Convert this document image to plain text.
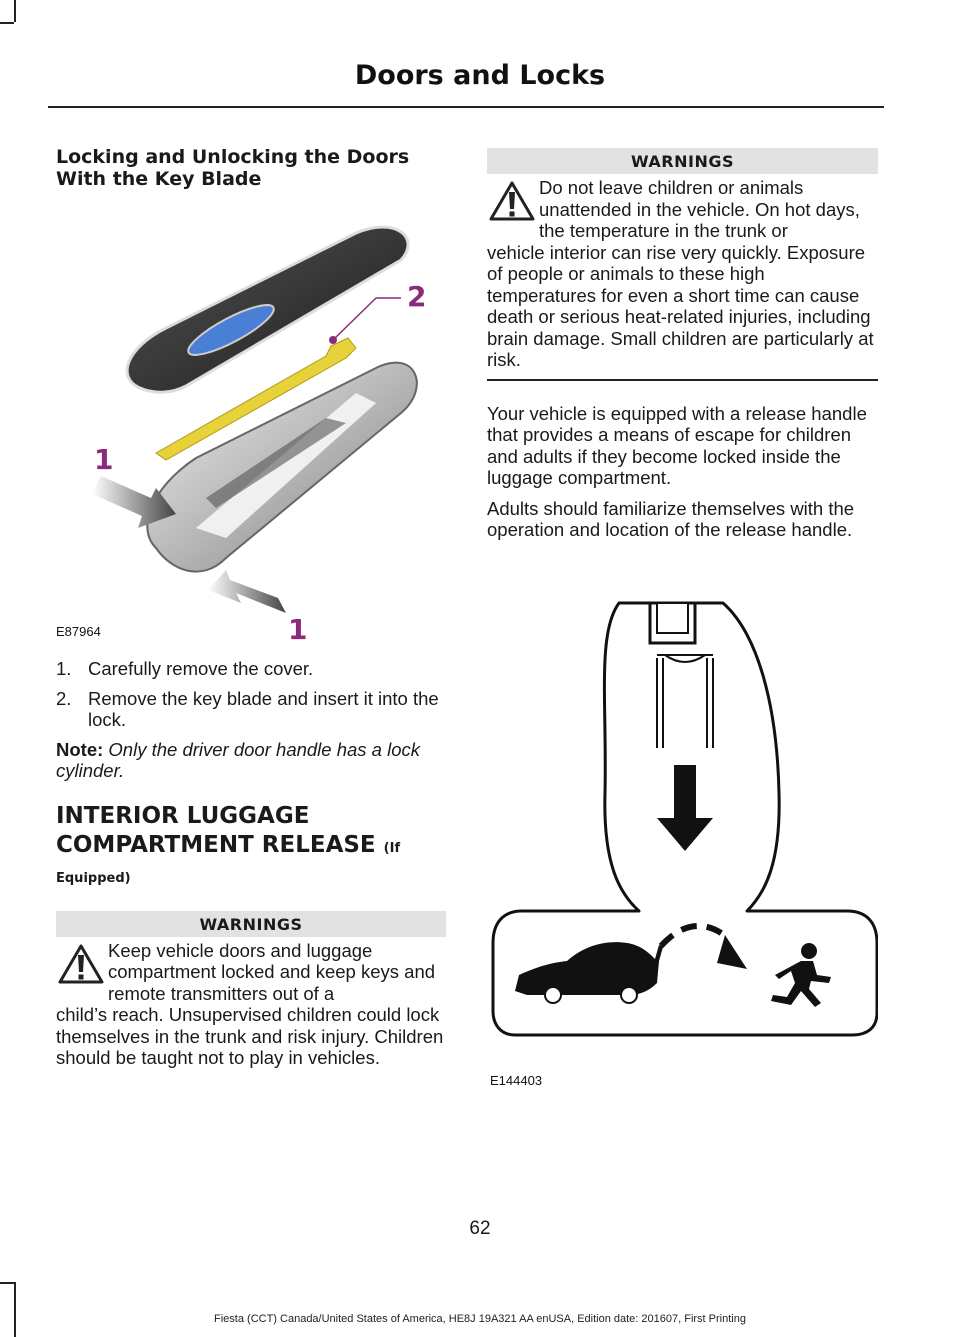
Doors and Locks
Locking and Unlocking the Doors With the Key Blade
2
1
1
E87964
1. Carefully remove the cover.
2. Remove the key blade and insert it into the lock.

Note: Only the driver door handle has a lock cylinder.

INTERIOR LUGGAGE

COMPARTMENT RELEASE (If

Equipped)

WARNINGS

Keep vehicle doors and luggage compartment locked and keep keys and remote transmitters out of a

child’s reach. Unsupervised children could lock themselves in the trunk and risk injury. Children should be taught not to play in vehicles.

WARNINGS

Do not leave children or animals unattended in the vehicle. On hot days, the temperature in the trunk or

vehicle interior can rise very quickly. Exposure of people or animals to these high temperatures for even a short time can cause death or serious heat-related injuries, including brain damage. Small children are particularly at risk.

Your vehicle is equipped with a release handle that provides a means of escape for children and adults if they become locked inside the luggage compartment.

Adults should familiarize themselves with the operation and location of the release handle.

E144403
62
Fiesta (CCT) Canada/United States of America, HE8J 19A321 AA enUSA, Edition date: 201607, First Printing
